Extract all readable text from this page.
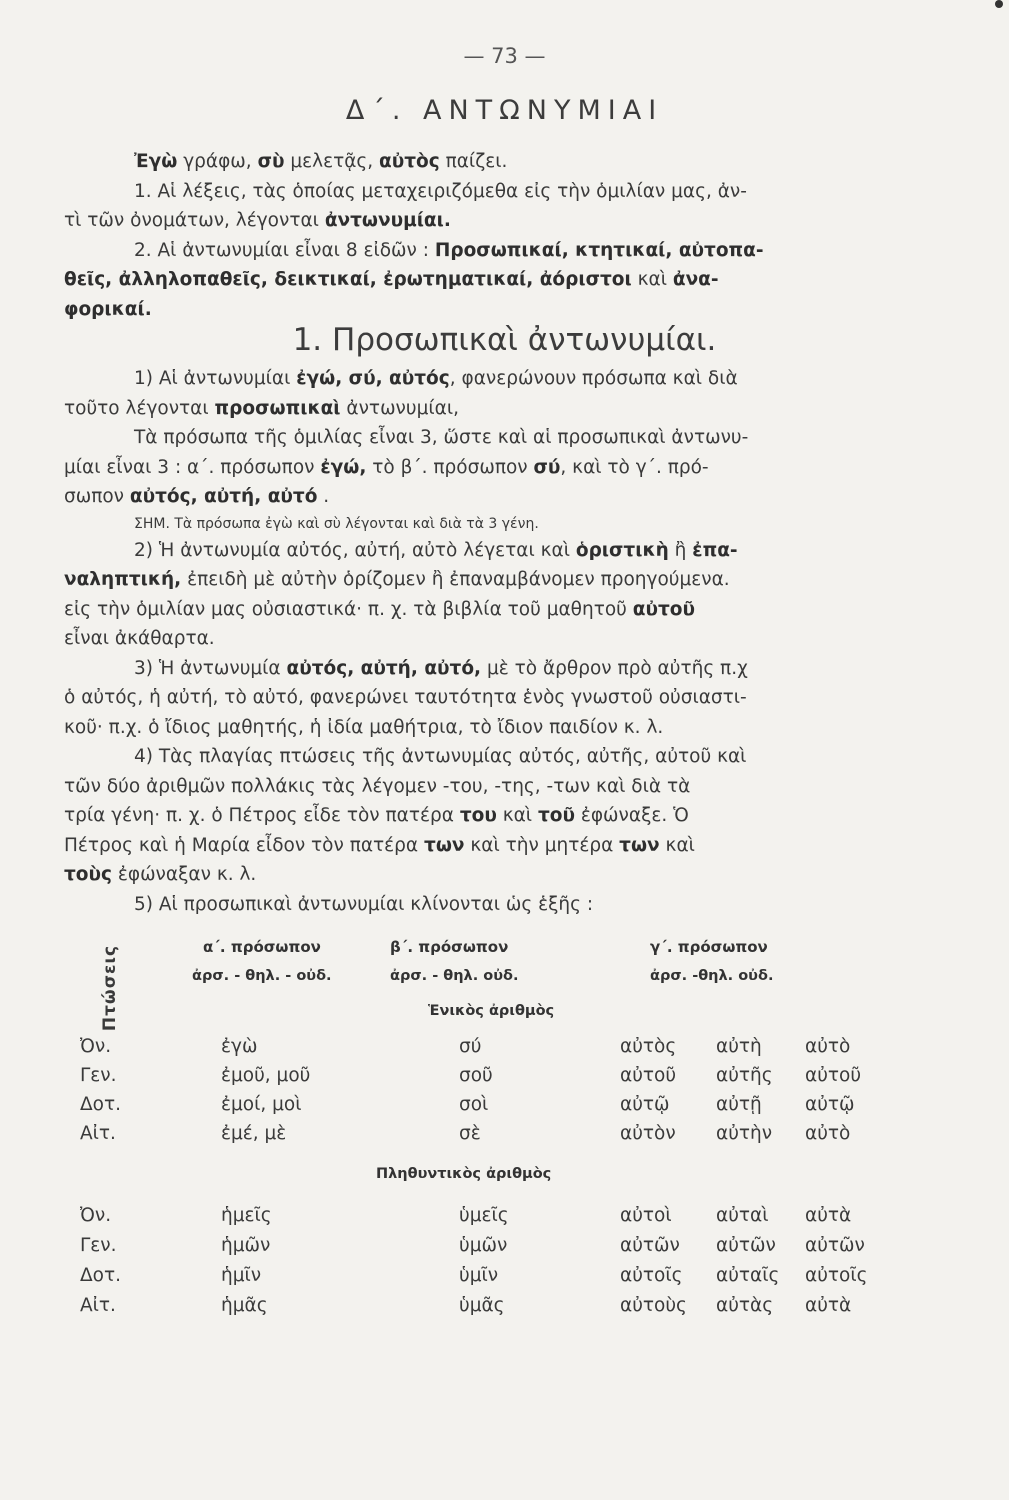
— 73 —
Δ΄. ΑΝΤΩΝΥΜΙΑΙ
Ἐγὼ γράφω, σὺ μελετᾷς, αὐτὸς παίζει.
1. Αἱ λέξεις, τὰς ὁποίας μεταχειριζόμεθα εἰς τὴν ὁμιλίαν μας, ἀν-
τὶ τῶν ὀνομάτων, λέγονται ἀντωνυμίαι.
2. Αἱ ἀντωνυμίαι εἶναι 8 εἰδῶν : Προσωπικαί, κτητικαί, αὐτοπα-
θεῖς, ἀλληλοπαθεῖς, δεικτικαί, ἐρωτηματικαί, ἀόριστοι καὶ ἀνα-
φορικαί.
1. Προσωπικαὶ ἀντωνυμίαι.
1) Αἱ ἀντωνυμίαι ἐγώ, σύ, αὐτός, φανερώνουν πρόσωπα καὶ διὰ
τοῦτο λέγονται προσωπικαὶ ἀντωνυμίαι,
Τὰ πρόσωπα τῆς ὁμιλίας εἶναι 3, ὥστε καὶ αἱ προσωπικαὶ ἀντωνυ-
μίαι εἶναι 3 : α΄. πρόσωπον ἐγώ, τὸ β΄. πρόσωπον σύ, καὶ τὸ γ΄. πρό-
σωπον αὐτός, αὐτή, αὐτό .
ΣΗΜ. Τὰ πρόσωπα ἐγὼ καὶ σὺ λέγονται καὶ διὰ τὰ 3 γένη.
2) Ἡ ἀντωνυμία αὐτός, αὐτή, αὐτὸ λέγεται καὶ ὁριστικὴ ἢ ἐπα-
ναληπτική, ἐπειδὴ μὲ αὐτὴν ὁρίζομεν ἢ ἐπαναμβάνομεν προηγούμενα.
εἰς τὴν ὁμιλίαν μας οὐσιαστικά· π. χ. τὰ βιβλία τοῦ μαθητοῦ αὐτοῦ
εἶναι ἀκάθαρτα.
3) Ἡ ἀντωνυμία αὐτός, αὐτή, αὐτό, μὲ τὸ ἄρθρον πρὸ αὐτῆς π.χ
ὁ αὐτός, ἡ αὐτή, τὸ αὐτό, φανερώνει ταυτότητα ἑνὸς γνωστοῦ οὐσιαστι-
κοῦ· π.χ. ὁ ἴδιος μαθητής, ἡ ἰδία μαθήτρια, τὸ ἴδιον παιδίον κ. λ.
4) Τὰς πλαγίας πτώσεις τῆς ἀντωνυμίας αὐτός, αὐτῆς, αὐτοῦ καὶ
τῶν δύο ἀριθμῶν πολλάκις τὰς λέγομεν -του, -της, -των καὶ διὰ τὰ
τρία γένη· π. χ. ὁ Πέτρος εἶδε τὸν πατέρα του καὶ τοῦ ἐφώναξε. Ὁ
Πέτρος καὶ ἡ Μαρία εἶδον τὸν πατέρα των καὶ τὴν μητέρα των καὶ
τοὺς ἐφώναξαν κ. λ.
5) Αἱ προσωπικαὶ ἀντωνυμίαι κλίνονται ὡς ἑξῆς :
Πτώσεις	α΄. πρόσωπον	β΄. πρόσωπον	γ΄. πρόσωπον
ἀρσ. - θηλ. - οὐδ.	ἀρσ. - θηλ. οὐδ.	ἀρσ. -θηλ. οὐδ.
Ἑνικὸς ἀριθμὸς
Ὀν.	ἐγὼ	σύ	αὐτὸς αὐτὴ αὐτὸ
Γεν.	ἐμοῦ, μοῦ	σοῦ	αὐτοῦ αὐτῆς αὐτοῦ
Δοτ.	ἐμοί, μοὶ	σοὶ	αὐτῷ	αὐτῇ αὐτῷ
Αἰτ.	ἐμέ, μὲ	σὲ	αὐτὸν αὐτὴν αὐτὸ
Πληθυντικὸς ἀριθμὸς
Ὀν.	ἡμεῖς	ὑμεῖς	αὐτοὶ αὐταὶ αὐτὰ
Γεν.	ἡμῶν	ὑμῶν	αὐτῶν αὐτῶν αὐτῶν
Δοτ.	ἡμῖν	ὑμῖν	αὐτοῖς αὐταῖς αὐτοῖς
Αἰτ.	ἡμᾶς	ὑμᾶς	αὐτοὺς αὐτὰς αὐτὰ
